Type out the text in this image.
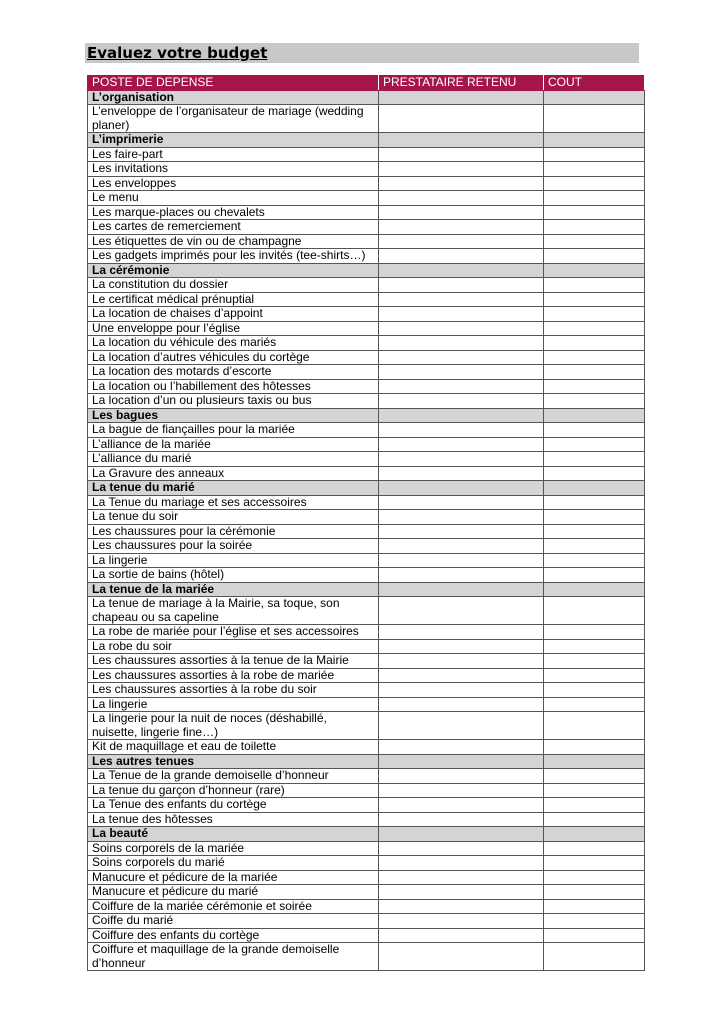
Evaluez votre budget
POSTE DE DEPENSE	PRESTATAIRE RETENU	COUT
L’organisation		
L’enveloppe de l’organisateur de mariage (wedding planer)		
L’imprimerie		
Les faire-part		
Les invitations		
Les enveloppes		
Le menu		
Les marque-places ou chevalets		
Les cartes de remerciement		
Les étiquettes de vin ou de champagne		
Les gadgets imprimés pour les invités (tee-shirts…)		
La cérémonie		
La constitution du dossier		
Le certificat médical prénuptial		
La location de chaises d’appoint		
Une enveloppe pour l’église		
La location du véhicule des mariés		
La location d’autres véhicules du cortège		
La location des motards d’escorte		
La location ou l’habillement des hôtesses		
La location d’un ou plusieurs taxis ou bus		
Les bagues		
La bague de fiançailles pour la mariée		
L’alliance de la mariée		
L’alliance du marié		
La Gravure des anneaux		
La tenue du marié		
La Tenue du mariage et ses accessoires		
La tenue du soir		
Les chaussures pour la cérémonie		
Les chaussures pour la soirée		
La lingerie		
La sortie de bains (hôtel)		
La tenue de la mariée		
La tenue de mariage à la Mairie, sa toque, son chapeau ou sa capeline		
La robe de mariée pour l’église et ses accessoires		
La robe du soir		
Les chaussures assorties à la tenue de la Mairie		
Les chaussures assorties à la robe de mariée		
Les chaussures assorties à la robe du soir		
La lingerie		
La lingerie pour la nuit de noces (déshabillé, nuisette, lingerie fine…)		
Kit de maquillage et eau de toilette		
Les autres tenues		
La Tenue de la grande demoiselle d’honneur		
La tenue du garçon d’honneur (rare)		
La Tenue des enfants du cortège		
La tenue des hôtesses		
La beauté		
Soins corporels de la mariée		
Soins corporels du marié		
Manucure et pédicure de la mariée		
Manucure et pédicure du marié		
Coiffure de la mariée cérémonie et soirée		
Coiffe du marié		
Coiffure des enfants du cortège		
Coiffure et maquillage de la grande demoiselle d’honneur		
